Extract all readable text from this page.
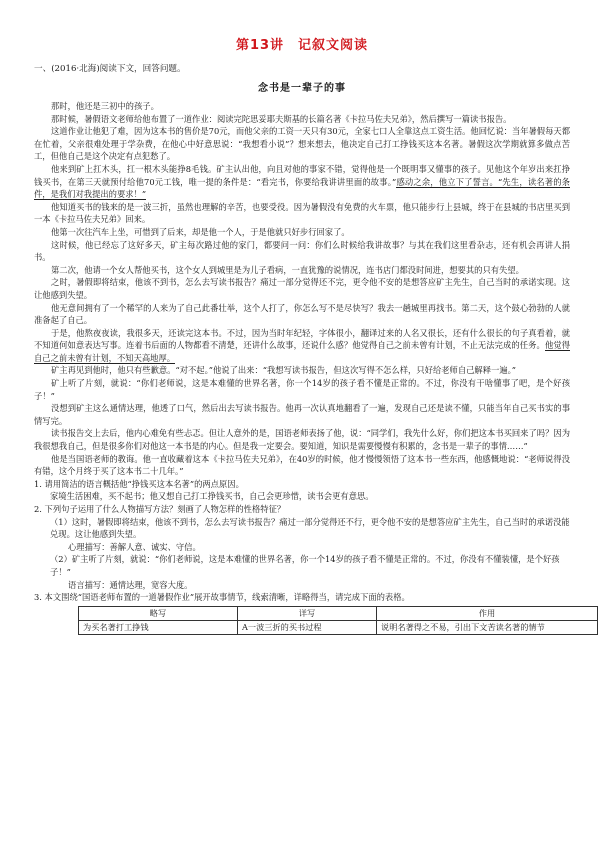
第13讲　记叙文阅读
一、(2016·北海)阅读下文，回答问题。
念书是一辈子的事

那时，他还是三初中的孩子。

那时候，暑假语文老师给他布置了一道作业：阅读完陀思妥耶夫斯基的长篇名著《卡拉马佐夫兄弟》，然后撰写一篇读书报告。

这道作业让他犯了难，因为这本书的售价是70元，而他父亲的工资一天只有30元，全家七口人全靠这点工资生活。他回忆说：当年暑假每天都在忙着，父亲很难处理于学杂费，在他心中好意思说：“我想看小说”？想来想去，他决定自己打工挣钱买这本名著。暑假这次学期就算多做点苦工，但他自己是这个决定有点犯愁了。

他来到矿上扛木头，扛一根木头能挣8毛钱。矿主认出他，向且对他的事家不错，觉得他是一个既明事又懂事的孩子。见他这个年岁出来扛挣钱买书，在第三天就预付给他70元工钱，唯一提的条件是：“看完书，你要给我讲讲里面的故事。”感动之余，他立下了誓言。“先生，读名著的条件，是我们对我提出的要求！”

他知道买书的钱来的是一波三折，虽然也理解的辛苦，也要受役。因为暑假没有免费的火车票，他只能步行上县城，终于在县城的书店里买到一本《卡拉马佐夫兄弟》回来。

他第一次往汽车上坐，可惜到了后来，却是他一个人，于是他就只好步行回家了。

这时候，他已经忘了这好多天，矿主每次路过他的家门，都要问一问：你们么时候给我讲故事？与其在我们这里看杂志，还有机会再讲人捐书。

第二次，他请一个女人帮他买书，这个女人到城里是为儿子看病，一直犹豫的说情况，连书店门都没时间进，想要其的只有失望。

之时，暑假即将结束，他该不到书，怎么去写读书报告？痛过一部分觉得还不完，更令他不安的是想答应矿主先生，自己当时的承诺实现。这让他感到失望。

他无意间拥有了一个稀罕的人来为了自己此番壮举，这个人打了，你怎么写不是尽快写？我去一趟城里再找书。第二天，这个鼓心勃勃的人就准备起了自己。

于是，他熬夜夜读，我很多天，还读完这本书。不过，因为当时年纪轻，字体很小，翻译过来的人名又很长，还有什么很长的句子真看着，就不知道何如意表达写事。连着书后面的人物都看不清楚，还讲什么故事，还说什么感？他觉得自己之前未曾有计划，不止无法完成的任务。他觉得自己之前未曾有计划，不知天高地厚。

矿主再见到他时，他只有些歉意。“对不起。”他说了出来：“我想写读书报告，但这次写得不怎么样，只好给老师自己解释一遍。”

矿上听了片刻，就说：“你们老师说，这是本难懂的世界名著，你一个14岁的孩子看不懂是正常的。不过，你没有干啥懂事了吧，是个好孩子！”

没想到矿主这么通情达理，他透了口气，然后出去写读书报告。他再一次认真地翻看了一遍，发现自己还是读不懂，只能当年自己买书实的事情写完。

读书报告交上去后，他内心难免有些忐忑。但让人意外的是，国语老师表扬了他，说：“同学们，我先什么好，你们把这本书买回来了吗？因为我很想我自己，但是很多你们对他这一本书是的内心。但是我一定要会。要知道，知识是需要慢慢有积累的，念书是一辈子的事情……”

他是当国语老师的教诲。他一直收藏着这本《卡拉马佐夫兄弟》，在40岁的时候，他才慢慢领悟了这本书一些东西，他感慨地说：“老师说得没有错，这个月终于买了这本书二十几年。”

1. 请用简洁的语言概括他“挣钱买这本名著”的两点原因。

家境生活困难，买不起书；他又想自己打工挣钱买书，自己会更珍惜，读书会更有意思。

2. 下列句子运用了什么人物描写方法？刻画了人物怎样的性格特征？

（1）这时，暑假即将结束，他该不到书，怎么去写读书报告？痛过一部分觉得还不行，更令他不安的是想答应矿主先生，自己当时的承诺没能兑现。这让他感到失望。

心理描写：善解人意、诚实、守信。

（2）矿主听了片刻，就说：“你们老师说，这是本难懂的世界名著，你一个14岁的孩子看不懂是正常的。不过，你没有不懂装懂，是个好孩子！”

语言描写：通情达理，宽容大度。

3. 本文围绕“国语老师布置的一道暑假作业”展开故事情节，线索清晰，详略得当，请完成下面的表格。

略写	详写	作用
为买名著打工挣钱	A一波三折的买书过程	说明名著得之不易，引出下文苦读名著的情节
